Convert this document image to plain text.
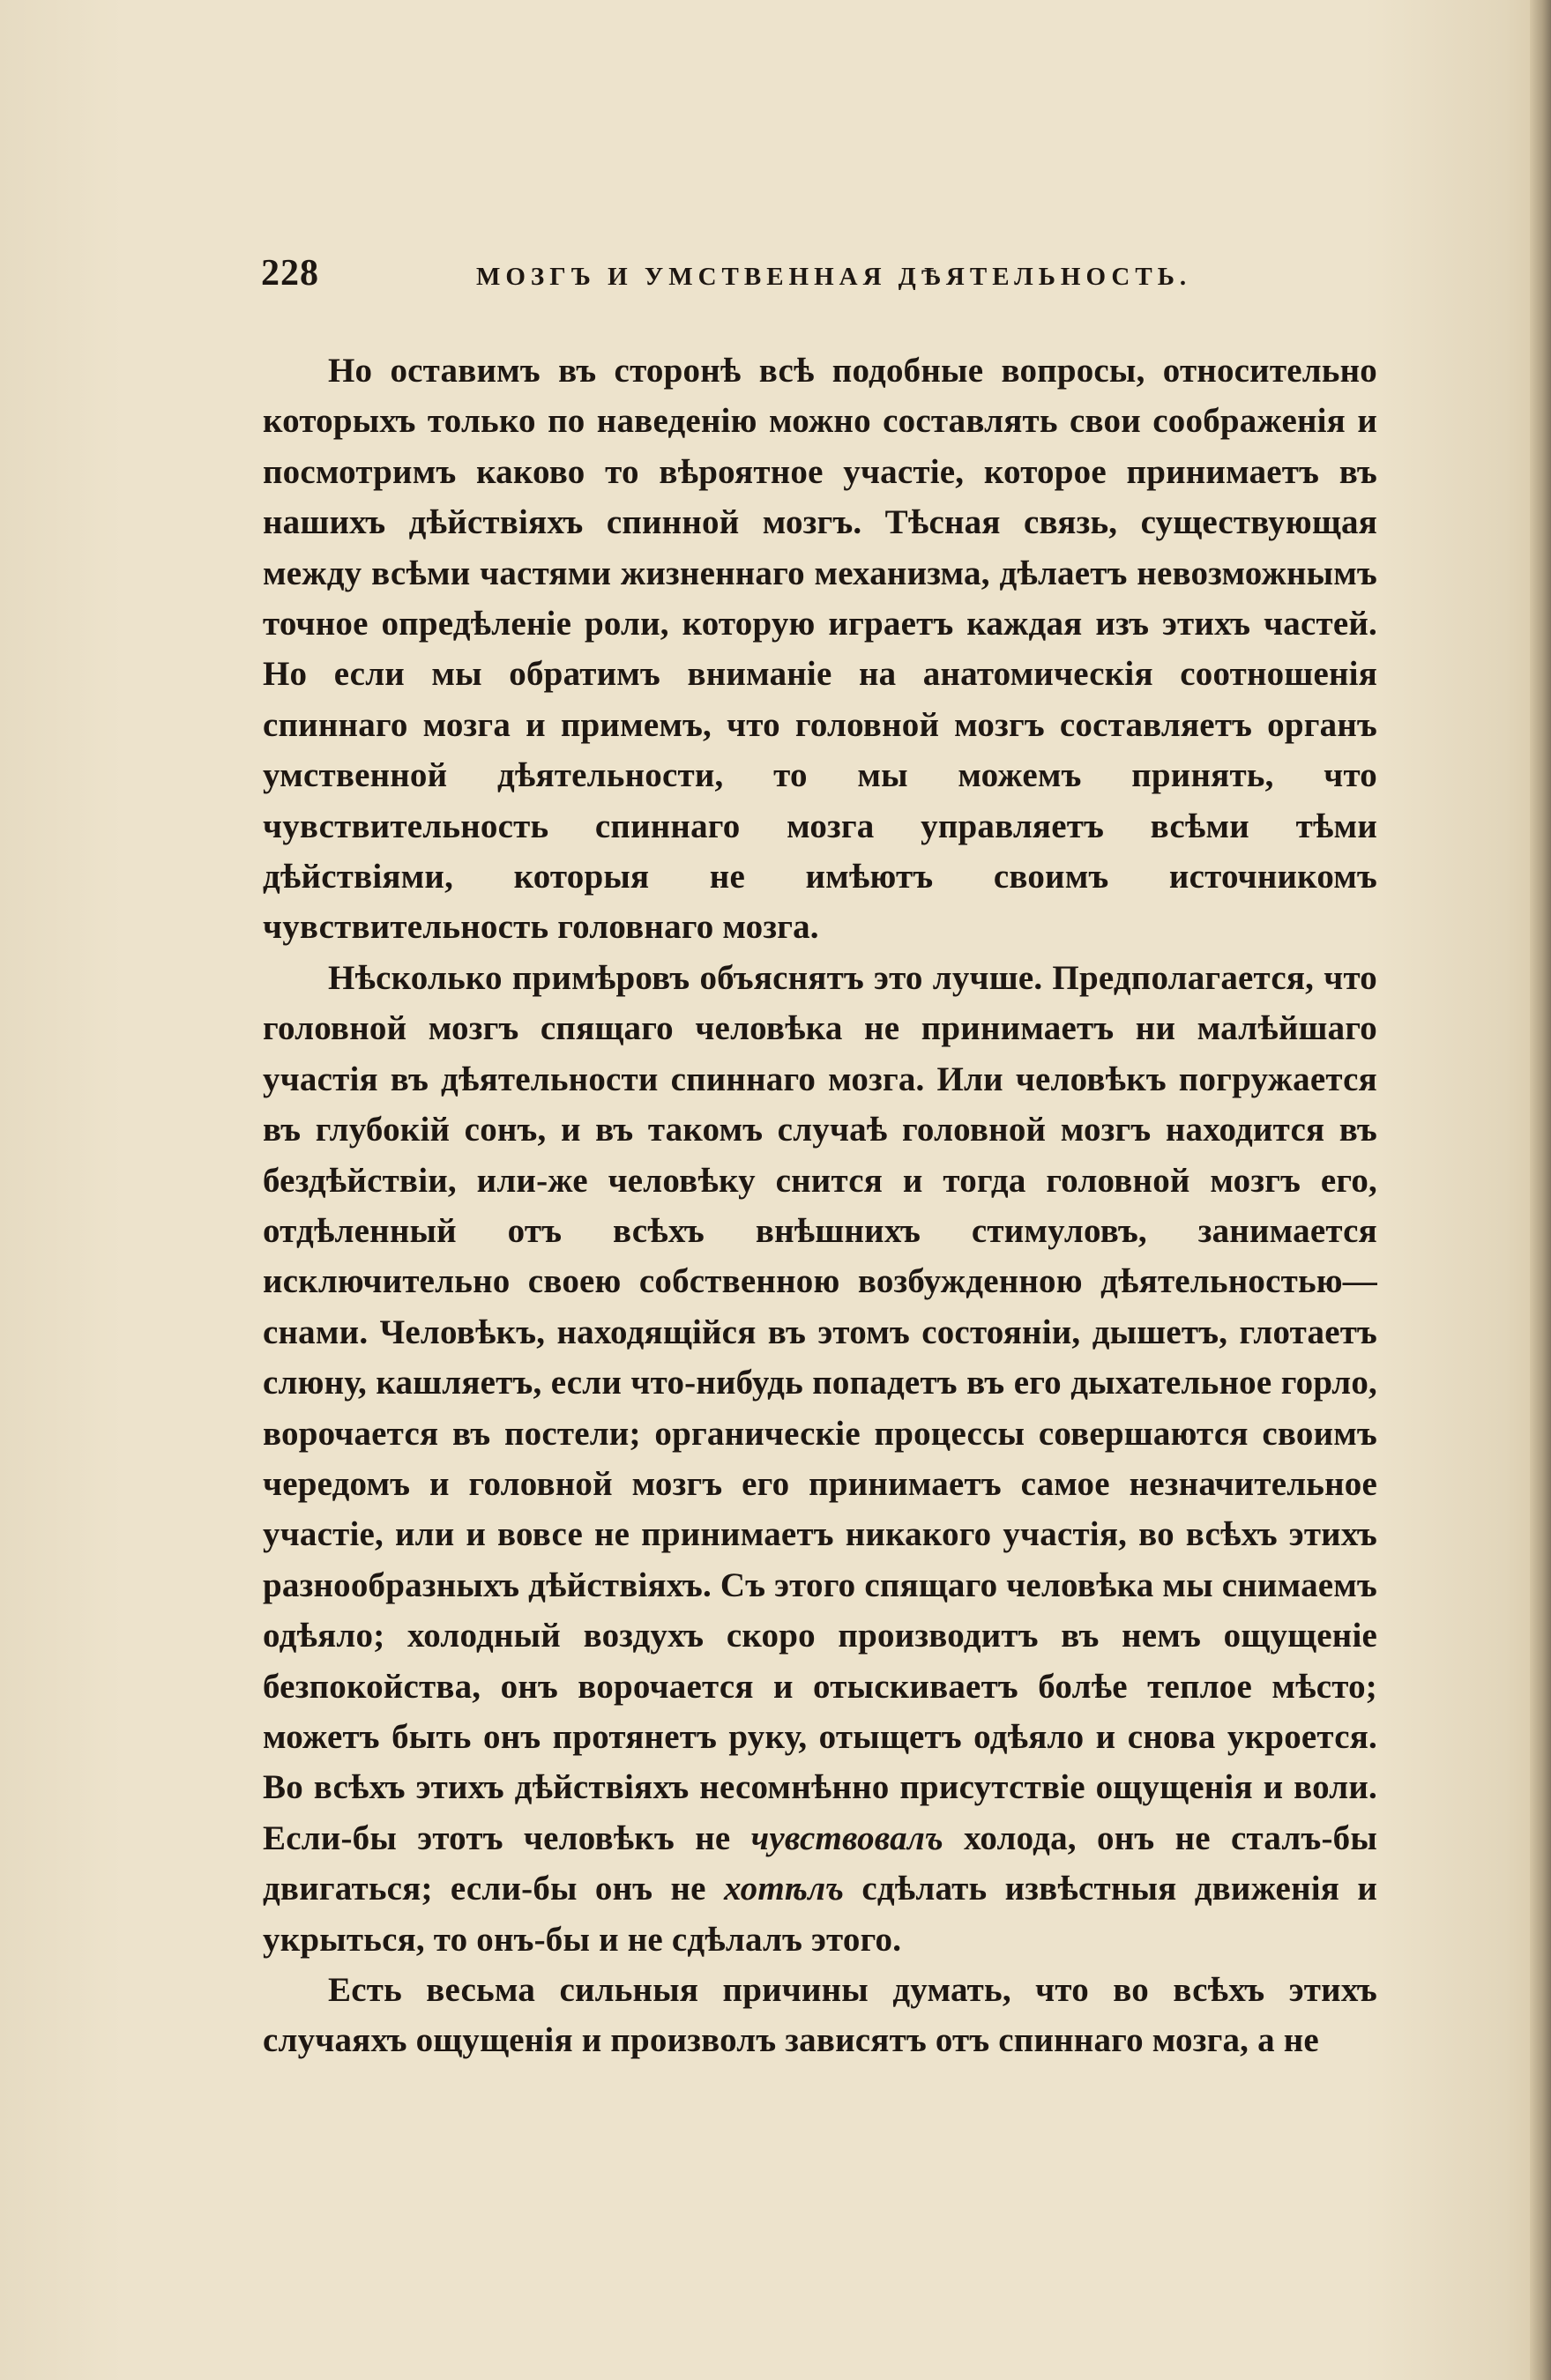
228	МОЗГЪ И УМСТВЕННАЯ ДѢЯТЕЛЬНОСТЬ.

Но оставимъ въ сторонѣ всѣ подобные вопросы, относительно которыхъ только по наведенію можно составлять свои соображенія и посмотримъ каково то вѣроятное участіе, которое принимаетъ въ нашихъ дѣйствіяхъ спинной мозгъ. Тѣсная связь, существующая между всѣми частями жизненнаго механизма, дѣлаетъ невозможнымъ точное опредѣленіе роли, которую играетъ каждая изъ этихъ частей. Но если мы обратимъ вниманіе на анатомическія соотношенія спиннаго мозга и примемъ, что головной мозгъ составляетъ органъ умственной дѣятельности, то мы можемъ принять, что чувствительность спиннаго мозга управляетъ всѣми тѣми дѣйствіями, которыя не имѣютъ своимъ источникомъ чувствительность головнаго мозга.

Нѣсколько примѣровъ объяснятъ это лучше. Предполагается, что головной мозгъ спящаго человѣка не принимаетъ ни малѣйшаго участія въ дѣятельности спиннаго мозга. Или человѣкъ погружается въ глубокій сонъ, и въ такомъ случаѣ головной мозгъ находится въ бездѣйствіи, или-же человѣку снится и тогда головной мозгъ его, отдѣленный отъ всѣхъ внѣшнихъ стимуловъ, занимается исключительно своею собственною возбужденною дѣятельностью— снами. Человѣкъ, находящійся въ этомъ состояніи, дышетъ, глотаетъ слюну, кашляетъ, если что-нибудь попадетъ въ его дыхательное горло, ворочается въ постели; органическіе процессы совершаются своимъ чередомъ и головной мозгъ его принимаетъ самое незначительное участіе, или и вовсе не принимаетъ никакого участія, во всѣхъ этихъ разнообразныхъ дѣйствіяхъ. Съ этого спящаго человѣка мы снимаемъ одѣяло; холодный воздухъ скоро производитъ въ немъ ощущеніе безпокойства, онъ ворочается и отыскиваетъ болѣе теплое мѣсто; можетъ быть онъ протянетъ руку, отыщетъ одѣяло и снова укроется. Во всѣхъ этихъ дѣйствіяхъ несомнѣнно присутствіе ощущенія и воли. Если-бы этотъ человѣкъ не чувствовалъ холода, онъ не сталъ-бы двигаться; если-бы онъ не хотѣлъ сдѣлать извѣстныя движенія и укрыться, то онъ-бы и не сдѣлалъ этого.

Есть весьма сильныя причины думать, что во всѣхъ этихъ случаяхъ ощущенія и произволъ зависятъ отъ спиннаго мозга, а не
